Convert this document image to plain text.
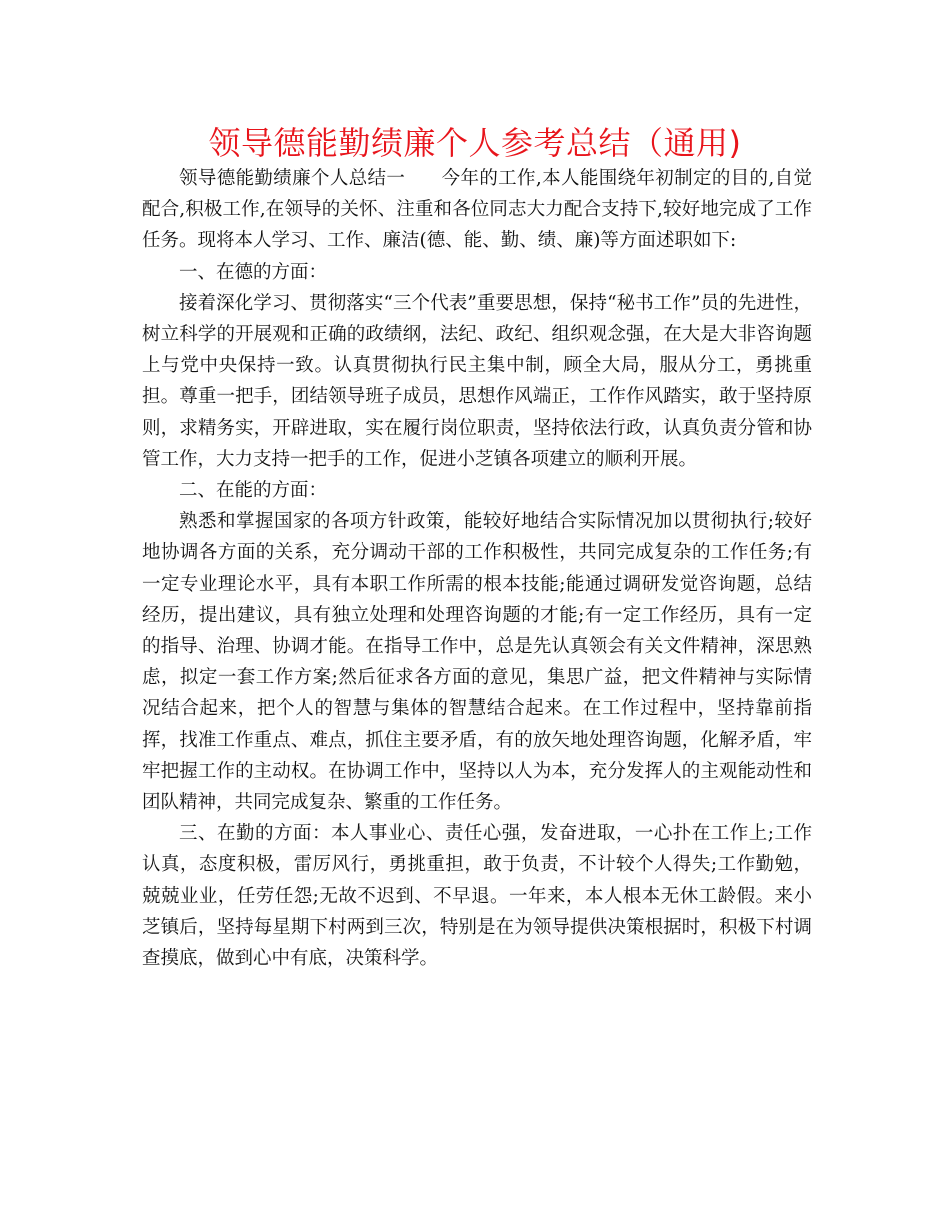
领导德能勤绩廉个人参考总结（通用)

领导德能勤绩廉个人总结一 今年的工作,本人能围绕年初制定的目的,自觉配合,积极工作,在领导的关怀、注重和各位同志大力配合支持下,较好地完成了工作任务。现将本人学习、工作、廉洁(德、能、勤、绩、廉)等方面述职如下:

一、在德的方面：

接着深化学习、贯彻落实“三个代表”重要思想，保持“秘书工作”员的先进性，树立科学的开展观和正确的政绩纲，法纪、政纪、组织观念强，在大是大非咨询题上与党中央保持一致。认真贯彻执行民主集中制，顾全大局，服从分工，勇挑重担。尊重一把手，团结领导班子成员，思想作风端正，工作作风踏实，敢于坚持原则，求精务实，开辟进取，实在履行岗位职责，坚持依法行政，认真负责分管和协管工作，大力支持一把手的工作，促进小芝镇各项建立的顺利开展。

二、在能的方面：

熟悉和掌握国家的各项方针政策，能较好地结合实际情况加以贯彻执行;较好地协调各方面的关系，充分调动干部的工作积极性，共同完成复杂的工作任务;有一定专业理论水平，具有本职工作所需的根本技能;能通过调研发觉咨询题，总结经历，提出建议，具有独立处理和处理咨询题的才能;有一定工作经历，具有一定的指导、治理、协调才能。在指导工作中，总是先认真领会有关文件精神，深思熟虑，拟定一套工作方案;然后征求各方面的意见，集思广益，把文件精神与实际情况结合起来，把个人的智慧与集体的智慧结合起来。在工作过程中，坚持靠前指挥，找准工作重点、难点，抓住主要矛盾，有的放矢地处理咨询题，化解矛盾，牢牢把握工作的主动权。在协调工作中，坚持以人为本，充分发挥人的主观能动性和团队精神，共同完成复杂、繁重的工作任务。

三、在勤的方面：本人事业心、责任心强，发奋进取，一心扑在工作上;工作认真，态度积极，雷厉风行，勇挑重担，敢于负责，不计较个人得失;工作勤勉，兢兢业业，任劳任怨;无故不迟到、不早退。一年来，本人根本无休工龄假。来小芝镇后，坚持每星期下村两到三次，特别是在为领导提供决策根据时，积极下村调查摸底，做到心中有底，决策科学。
